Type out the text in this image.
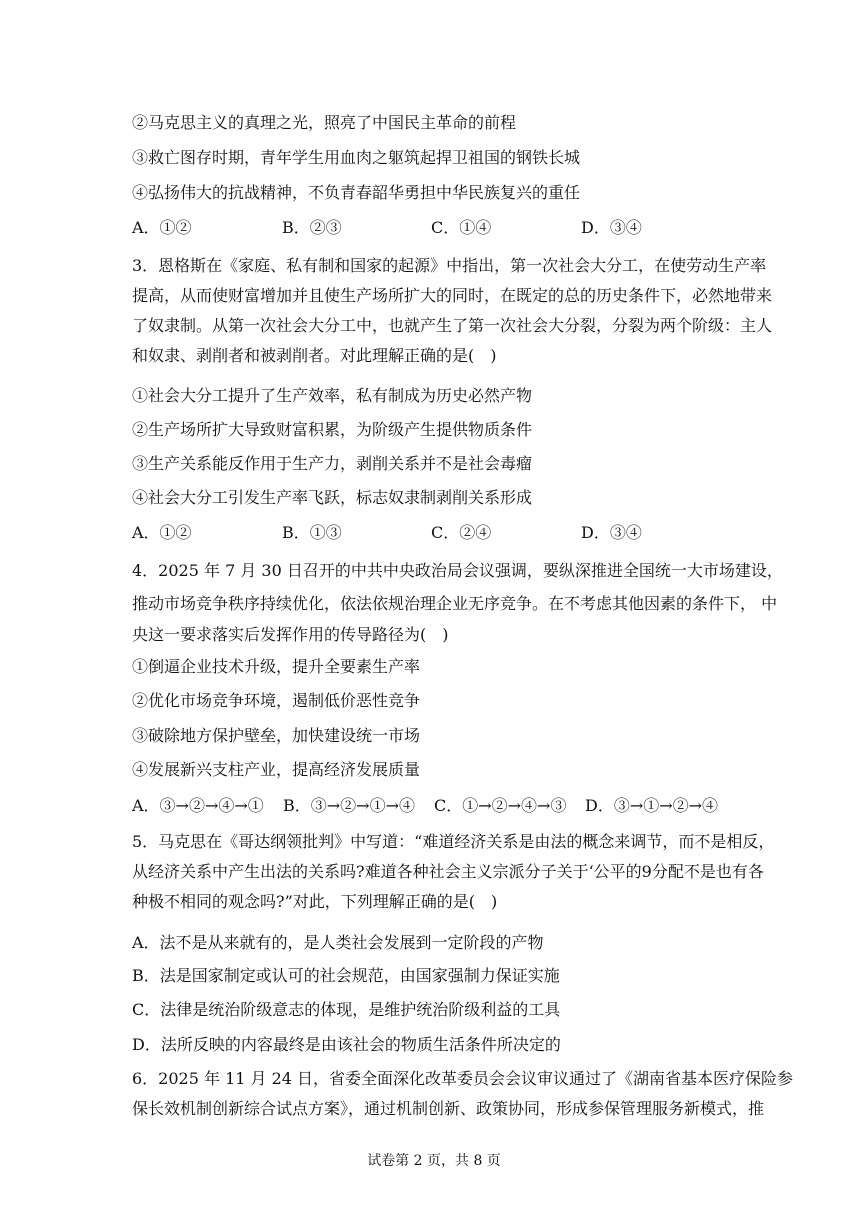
②马克思主义的真理之光，照亮了中国民主革命的前程
③救亡图存时期，青年学生用血肉之躯筑起捍卫祖国的钢铁长城
④弘扬伟大的抗战精神，不负青春韶华勇担中华民族复兴的重任
A．①②	B．②③	C．①④	D．③④
3．恩格斯在《家庭、私有制和国家的起源》中指出，第一次社会大分工，在使劳动生产率
提高，从而使财富增加并且使生产场所扩大的同时，在既定的总的历史条件下，必然地带来
了奴隶制。从第一次社会大分工中，也就产生了第一次社会大分裂，分裂为两个阶级：主人
和奴隶、剥削者和被剥削者。对此理解正确的是(　)
①社会大分工提升了生产效率，私有制成为历史必然产物
②生产场所扩大导致财富积累，为阶级产生提供物质条件
③生产关系能反作用于生产力，剥削关系并不是社会毒瘤
④社会大分工引发生产率飞跃，标志奴隶制剥削关系形成
A．①②	B．①③	C．②④	D．③④
4．2025 年 7 月 30 日召开的中共中央政治局会议强调，要纵深推进全国统一大市场建设，
推动市场竞争秩序持续优化，依法依规治理企业无序竞争。在不考虑其他因素的条件下， 中
央这一要求落实后发挥作用的传导路径为(　)
①倒逼企业技术升级，提升全要素生产率
②优化市场竞争环境，遏制低价恶性竞争
③破除地方保护壁垒，加快建设统一市场
④发展新兴支柱产业，提高经济发展质量
A．③→②→④→① B．③→②→①→④ C．①→②→④→③ D．③→①→②→④
5．马克思在《哥达纲领批判》中写道：“难道经济关系是由法的概念来调节，而不是相反，
从经济关系中产生出法的关系吗?难道各种社会主义宗派分子关于‘公平的9分配不是也有各
种极不相同的观念吗?”对此，下列理解正确的是(　)
A．法不是从来就有的，是人类社会发展到一定阶段的产物
B．法是国家制定或认可的社会规范，由国家强制力保证实施
C．法律是统治阶级意志的体现，是维护统治阶级利益的工具
D．法所反映的内容最终是由该社会的物质生活条件所决定的
6．2025 年 11 月 24 日，省委全面深化改革委员会会议审议通过了《湖南省基本医疗保险参
保长效机制创新综合试点方案》，通过机制创新、政策协同，形成参保管理服务新模式，推
试卷第 2 页，共 8 页
